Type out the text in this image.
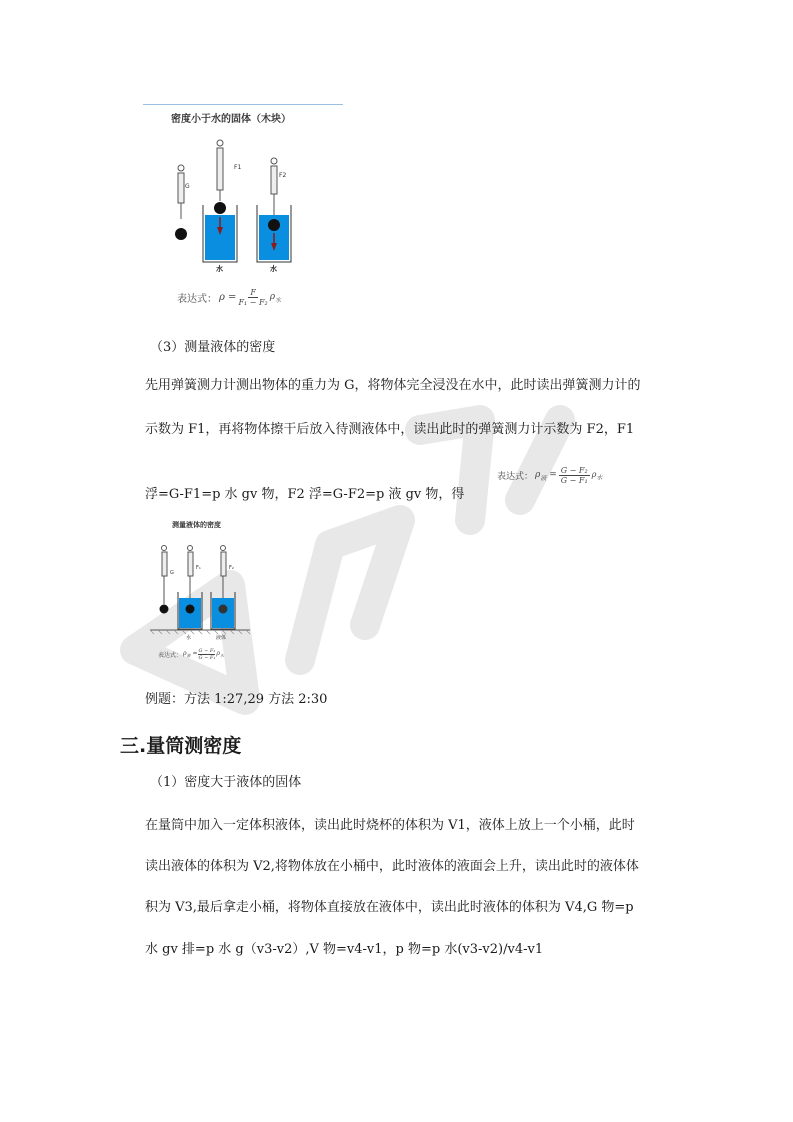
密度小于水的固体（木块）
G
F1
水
F2
水
表达式： $\rho = \frac{F}{\text{F₁ − F₂}} \rho_水$
（3）测量液体的密度
先用弹簧测力计测出物体的重力为 G，将物体完全浸没在水中，此时读出弹簧测力计的
示数为 F1，再将物体擦干后放入待测液体中，读出此时的弹簧测力计示数为 F2，F1
浮=G-F1=p 水 gv 物，F2 浮=G-F2=p 液 gv 物，得
表达式： $\rho_液 = \frac{\text{G − F₂}}{\text{G − F₁}} \rho_水$
测量液体的密度
G
F₁	F₂
水	液体
表达式： $\rho_液 = \frac{\text{G − F₂}}{\text{G − F₁}} \rho_水$
例题：方法 1:27,29 方法 2:30
三.量筒测密度
（1）密度大于液体的固体
在量筒中加入一定体积液体，读出此时烧杯的体积为 V1，液体上放上一个小桶，此时
读出液体的体积为 V2,将物体放在小桶中，此时液体的液面会上升，读出此时的液体体
积为 V3,最后拿走小桶，将物体直接放在液体中，读出此时液体的体积为 V4,G 物=p
水 gv 排=p 水 g（v3-v2）,V 物=v4-v1，p 物=p 水(v3-v2)/v4-v1
